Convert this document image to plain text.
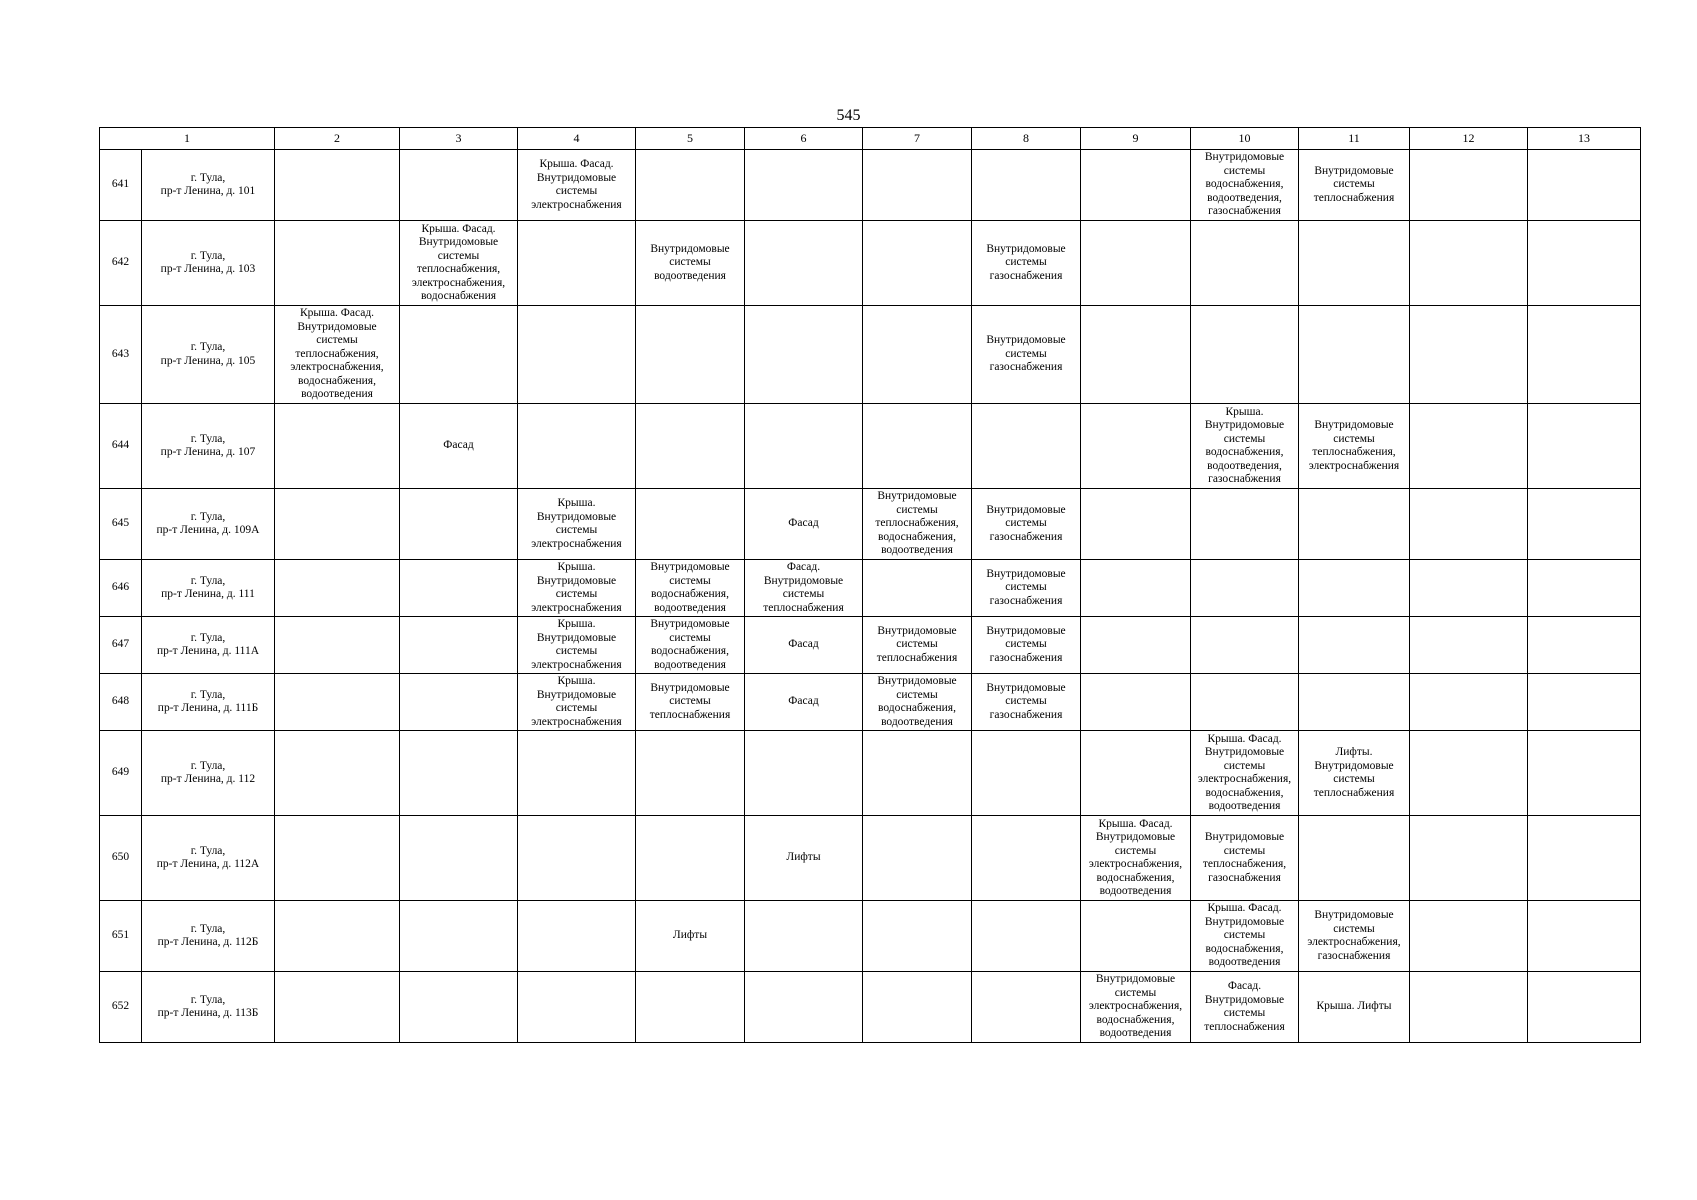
545
1		2	3	4	5	6	7	8	9	10	11	12	13
641	г. Тула,
пр-т Ленина, д. 101			Крыша. Фасад. Внутридомовые системы электроснабжения						Внутридомовые системы водоснабжения, водоотведения, газоснабжения	Внутридомовые системы теплоснабжения		
642	г. Тула,
пр-т Ленина, д. 103		Крыша. Фасад. Внутридомовые системы теплоснабжения, электроснабжения, водоснабжения		Внутридомовые системы водоотведения			Внутридомовые системы газоснабжения					
643	г. Тула,
пр-т Ленина, д. 105	Крыша. Фасад. Внутридомовые системы теплоснабжения, электроснабжения, водоснабжения, водоотведения						Внутридомовые системы газоснабжения					
644	г. Тула,
пр-т Ленина, д. 107		Фасад							Крыша. Внутридомовые системы водоснабжения, водоотведения, газоснабжения	Внутридомовые системы теплоснабжения, электроснабжения		
645	г. Тула,
пр-т Ленина, д. 109А			Крыша. Внутридомовые системы электроснабжения		Фасад	Внутридомовые системы теплоснабжения, водоснабжения, водоотведения	Внутридомовые системы газоснабжения					
646	г. Тула,
пр-т Ленина, д. 111			Крыша. Внутридомовые системы электроснабжения	Внутридомовые системы водоснабжения, водоотведения	Фасад. Внутридомовые системы теплоснабжения		Внутридомовые системы газоснабжения					
647	г. Тула,
пр-т Ленина, д. 111А			Крыша. Внутридомовые системы электроснабжения	Внутридомовые системы водоснабжения, водоотведения	Фасад	Внутридомовые системы теплоснабжения	Внутридомовые системы газоснабжения					
648	г. Тула,
пр-т Ленина, д. 111Б			Крыша. Внутридомовые системы электроснабжения	Внутридомовые системы теплоснабжения	Фасад	Внутридомовые системы водоснабжения, водоотведения	Внутридомовые системы газоснабжения					
649	г. Тула,
пр-т Ленина, д. 112									Крыша. Фасад. Внутридомовые системы электроснабжения, водоснабжения, водоотведения	Лифты. Внутридомовые системы теплоснабжения		
650	г. Тула,
пр-т Ленина, д. 112А					Лифты			Крыша. Фасад. Внутридомовые системы электроснабжения, водоснабжения, водоотведения	Внутридомовые системы теплоснабжения, газоснабжения			
651	г. Тула,
пр-т Ленина, д. 112Б				Лифты					Крыша. Фасад. Внутридомовые системы водоснабжения, водоотведения	Внутридомовые системы электроснабжения, газоснабжения		
652	г. Тула,
пр-т Ленина, д. 113Б								Внутридомовые системы электроснабжения, водоснабжения, водоотведения	Фасад. Внутридомовые системы теплоснабжения	Крыша. Лифты		
